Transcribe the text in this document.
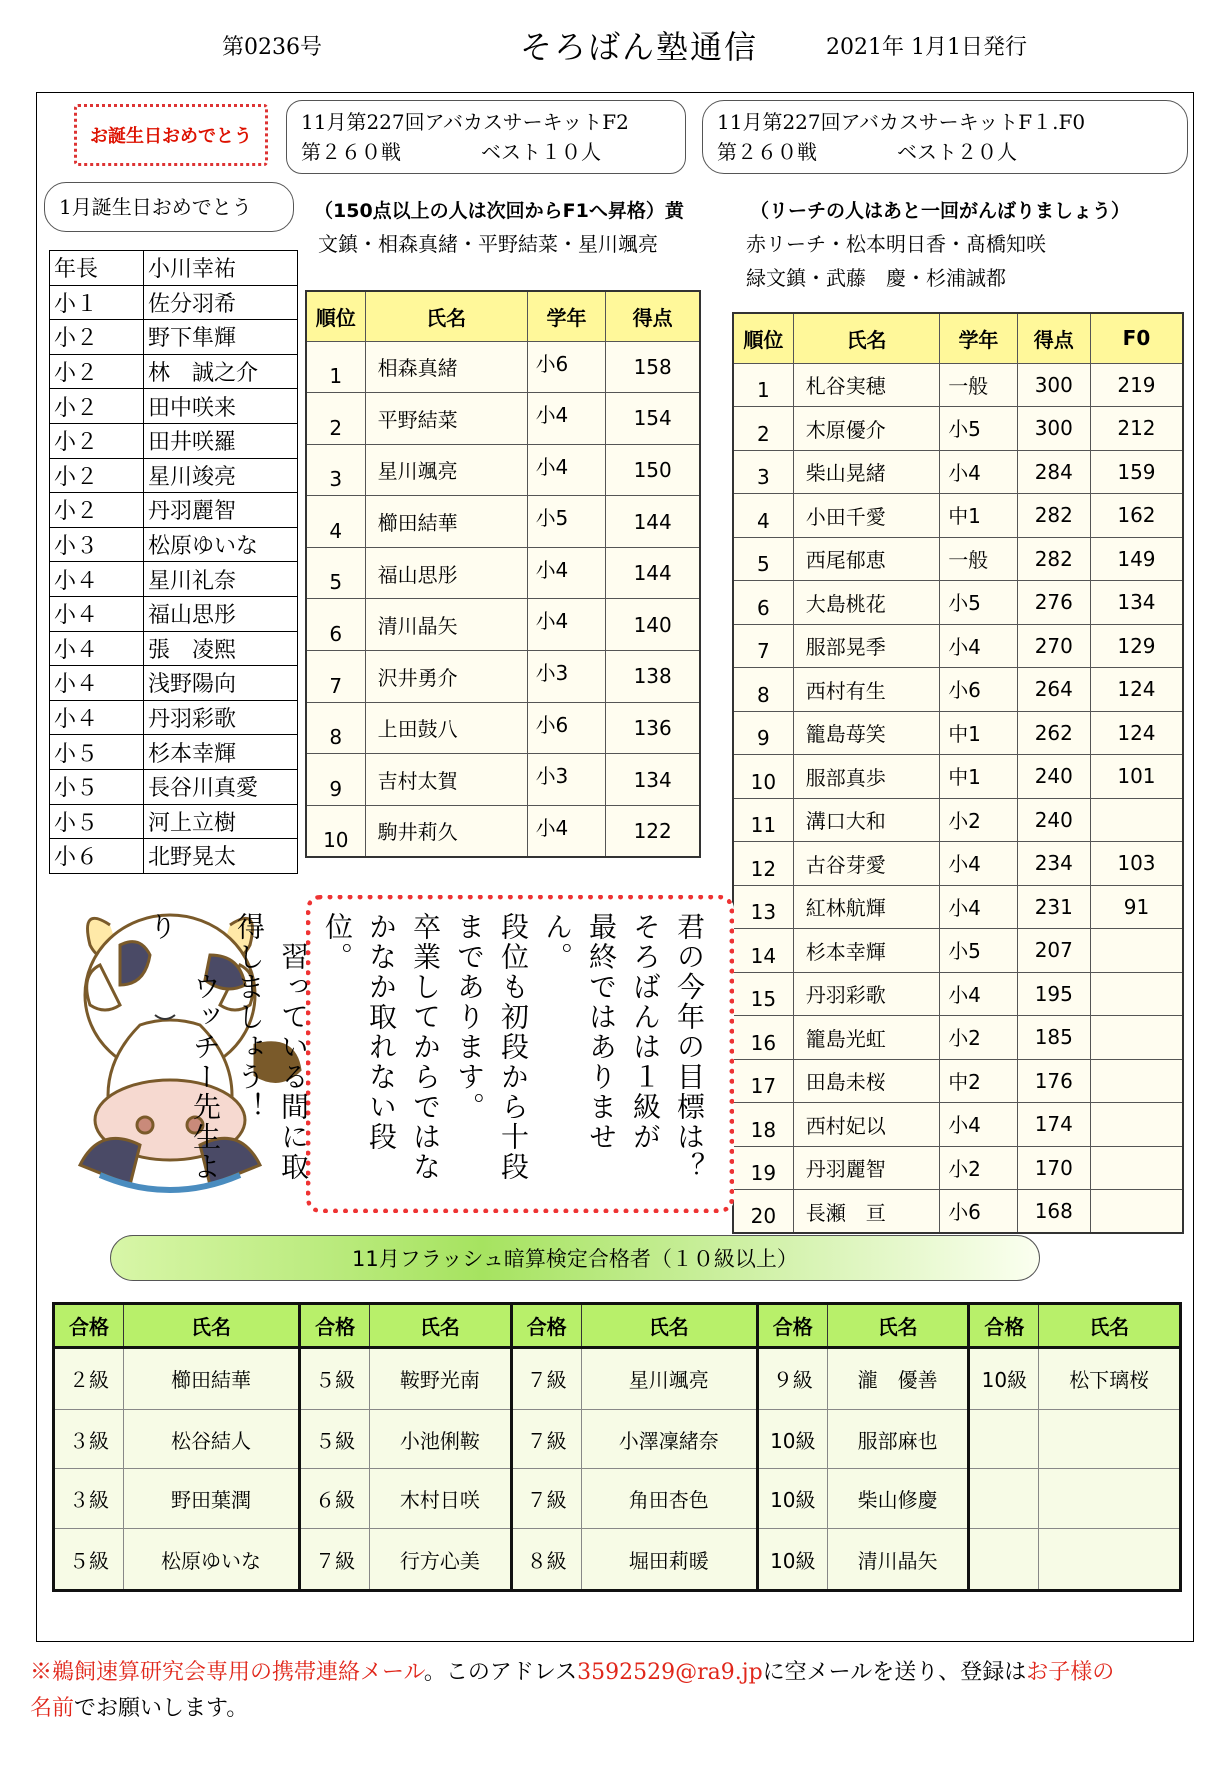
第0236号	そろばん塾通信	2021年 1月1日発行
お誕生日おめでとう
11月第227回アバカスサーキットF2
第２６０戦　　　　ベスト１０人
11月第227回アバカスサーキットF１.F0
第２６０戦　　　　ベスト２０人
1月誕生日おめでとう
年長	小川幸祐
小１	佐分羽希
小２	野下隼輝
小２	林　誠之介
小２	田中咲来
小２	田井咲羅
小２	星川竣亮
小２	丹羽麗智
小３	松原ゆいな
小４	星川礼奈
小４	福山思彤
小４	張　凌熙
小４	浅野陽向
小４	丹羽彩歌
小５	杉本幸輝
小５	長谷川真愛
小５	河上立樹
小６	北野晃太
（150点以上の人は次回からF1へ昇格）黄
文鎮・相森真緒・平野結菜・星川颯亮
順位	氏名	学年	得点
1	相森真緒	小6	158
2	平野結菜	小4	154
3	星川颯亮	小4	150
4	櫛田結華	小5	144
5	福山思彤	小4	144
6	清川晶矢	小4	140
7	沢井勇介	小3	138
8	上田鼓八	小6	136
9	吉村太賀	小3	134
10	駒井莉久	小4	122
（リーチの人はあと一回がんばりましょう）
赤リーチ・松本明日香・髙橋知咲
緑文鎮・武藤　慶・杉浦誠都
順位	氏名	学年	得点	F0
1	札谷実穂	一般	300	219
2	木原優介	小5	300	212
3	柴山晃緒	小4	284	159
4	小田千愛	中1	282	162
5	西尾郁恵	一般	282	149
6	大島桃花	小5	276	134
7	服部晃季	小4	270	129
8	西村有生	小6	264	124
9	籠島苺笑	中1	262	124
10	服部真歩	中1	240	101
11	溝口大和	小2	240	
12	古谷芽愛	小4	234	103
13	紅林航輝	小4	231	91
14	杉本幸輝	小5	207	
15	丹羽彩歌	小4	195	
16	籠島光虹	小2	185	
17	田島未桜	中2	176	
18	西村妃以	小4	174	
19	丹羽麗智	小2	170	
20	長瀬　亘	小6	168	
君の今年の目標は？
そろばんは１級が
最終ではありません。
段位も初段から十段
まであります。
卒業してからではな
かなか取れない段位。
　習っている間に取
得しましょう！
　　ウッチー先生より
11月フラッシュ暗算検定合格者（１０級以上）
合格	氏名	合格	氏名	合格	氏名	合格	氏名	合格	氏名
２級	櫛田結華	５級	鞍野光南	７級	星川颯亮	９級	瀧　優善	10級	松下璃桜
３級	松谷結人	５級	小池俐鞍	７級	小澤凜緒奈	10級	服部麻也		
３級	野田葉潤	６級	木村日咲	７級	角田杏色	10級	柴山修慶		
５級	松原ゆいな	７級	行方心美	８級	堀田莉暖	10級	清川晶矢		
※鵜飼速算研究会専用の携帯連絡メール。このアドレス3592529@ra9.jpに空メールを送り、登録はお子様の
名前でお願いします。
